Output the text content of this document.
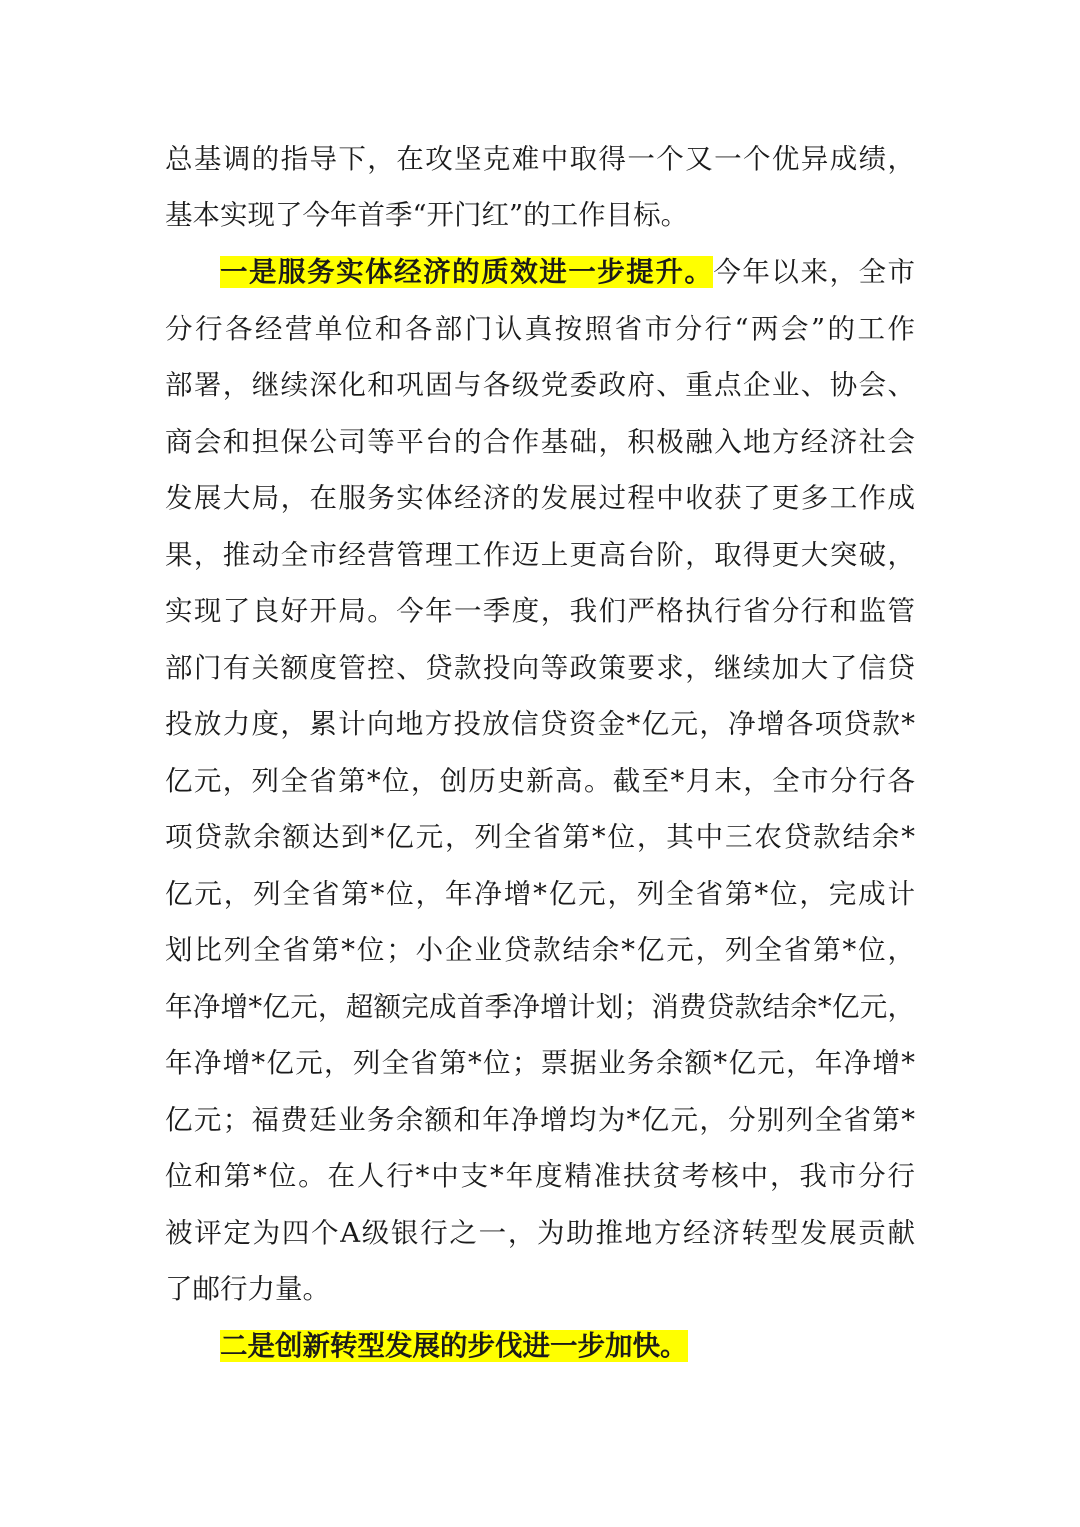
总基调的指导下，在攻坚克难中取得一个又一个优异成绩，
基本实现了今年首季“开门红”的工作目标。
一是服务实体经济的质效进一步提升。今年以来，全市
分行各经营单位和各部门认真按照省市分行“两会”的工作
部署，继续深化和巩固与各级党委政府、重点企业、协会、
商会和担保公司等平台的合作基础，积极融入地方经济社会
发展大局，在服务实体经济的发展过程中收获了更多工作成
果，推动全市经营管理工作迈上更高台阶，取得更大突破，
实现了良好开局。今年一季度，我们严格执行省分行和监管
部门有关额度管控、贷款投向等政策要求，继续加大了信贷
投放力度，累计向地方投放信贷资金*亿元，净增各项贷款*
亿元，列全省第*位，创历史新高。截至*月末，全市分行各
项贷款余额达到*亿元，列全省第*位，其中三农贷款结余*
亿元，列全省第*位，年净增*亿元，列全省第*位，完成计
划比列全省第*位；小企业贷款结余*亿元，列全省第*位，
年净增*亿元，超额完成首季净增计划；消费贷款结余*亿元，
年净增*亿元，列全省第*位；票据业务余额*亿元，年净增*
亿元；福费廷业务余额和年净增均为*亿元，分别列全省第*
位和第*位。在人行*中支*年度精准扶贫考核中，我市分行
被评定为四个A级银行之一，为助推地方经济转型发展贡献
了邮行力量。
二是创新转型发展的步伐进一步加快。
